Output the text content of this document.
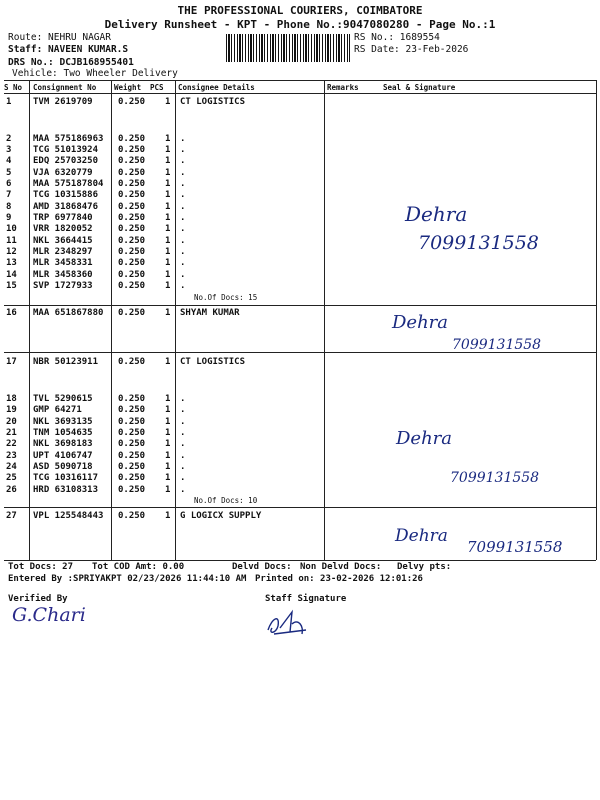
THE PROFESSIONAL COURIERS, COIMBATORE
Delivery Runsheet - KPT - Phone No.:9047080280 - Page No.:1
Route: NEHRU NAGAR
Staff: NAVEEN KUMAR.S
DRS No.: DCJB168955401
Vehicle: Two Wheeler Delivery
RS No.: 1689554
RS Date: 23-Feb-2026
S No Consignment No Weight PCS Consignee Details	Remarks	Seal & Signature
1 TVM 2619709	0.250 1 CT LOGISTICS
2 MAA 575186963 0.250 1 .
3 TCG 51013924 0.250 1 .
4 EDQ 25703250 0.250 1 .
5 VJA 6320779	0.250 1 .
6 MAA 575187804 0.250 1 .
7 TCG 10315886 0.250 1 .
8 AMD 31868476 0.250 1 .
9 TRP 6977840	0.250 1 .
10 VRR 1820052	0.250 1 .
11 NKL 3664415	0.250 1 .
12 MLR 2348297	0.250 1 .
13 MLR 3458331	0.250 1 .
14 MLR 3458360	0.250 1 .
15 SVP 1727933	0.250 1 .
No.Of Docs: 15
16 MAA 651867880 0.250 1 SHYAM KUMAR
17 NBR 50123911 0.250 1 CT LOGISTICS
18 TVL 5290615	0.250 1 .
19 GMP 64271	0.250 1 .
20 NKL 3693135	0.250 1 .
21 TNM 1054635	0.250 1 .
22 NKL 3698183	0.250 1 .
23 UPT 4106747	0.250 1 .
24 ASD 5090718	0.250 1 .
25 TCG 10316117 0.250 1 .
26 HRD 63108313 0.250 1 .
No.Of Docs: 10
27 VPL 125548443 0.250 1 G LOGICX SUPPLY
Dehra
7099131558
Dehra
7099131558
Dehra
7099131558
Dehra
7099131558
Tot Docs: 27 Tot COD Amt: 0.00	Delvd Docs: Non Delvd Docs: Delvy pts:
Entered By :SPRIYAKPT 02/23/2026 11:44:10 AM Printed on: 23-02-2026 12:01:26
Verified By	Staff Signature
G.Chari
